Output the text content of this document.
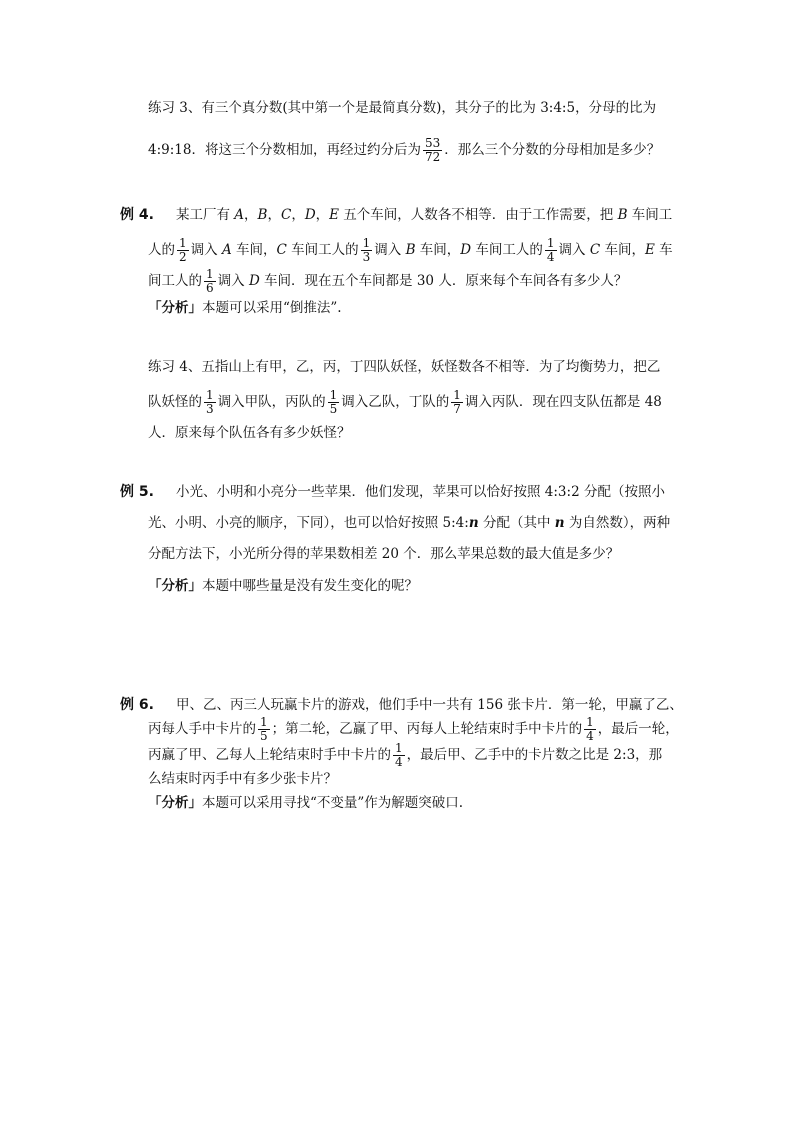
练习 3、有三个真分数(其中第一个是最简真分数)，其分子的比为 3:4:5，分母的比为
4:9:18．将这三个分数相加，再经过约分后为 $\frac{53}{72}$ ．那么三个分数的分母相加是多少？
例 4. 某工厂有 A，B，C，D，E 五个车间，人数各不相等．由于工作需要，把 B 车间工
人的 $\frac{1}{2}$ 调入 A 车间，C 车间工人的 $\frac{1}{3}$ 调入 B 车间，D 车间工人的 $\frac{1}{4}$ 调入 C 车间，E 车
间工人的 $\frac{1}{6}$ 调入 D 车间．现在五个车间都是 30 人．原来每个车间各有多少人？
「分析」本题可以采用“倒推法”.
练习 4、五指山上有甲，乙，丙，丁四队妖怪，妖怪数各不相等．为了均衡势力，把乙
队妖怪的 $\frac{1}{3}$ 调入甲队，丙队的 $\frac{1}{5}$ 调入乙队，丁队的 $\frac{1}{7}$ 调入丙队．现在四支队伍都是 48
人．原来每个队伍各有多少妖怪？
例 5. 小光、小明和小亮分一些苹果．他们发现，苹果可以恰好按照 4:3:2 分配（按照小
光、小明、小亮的顺序，下同），也可以恰好按照 5:4:n 分配（其中 n 为自然数），两种
分配方法下，小光所分得的苹果数相差 20 个．那么苹果总数的最大值是多少？
「分析」本题中哪些量是没有发生变化的呢？
例 6. 甲、乙、丙三人玩赢卡片的游戏，他们手中一共有 156 张卡片．第一轮，甲赢了乙、
丙每人手中卡片的 $\frac{1}{5}$ ；第二轮，乙赢了甲、丙每人上轮结束时手中卡片的 $\frac{1}{4}$ ，最后一轮，
丙赢了甲、乙每人上轮结束时手中卡片的 $\frac{1}{4}$ ，最后甲、乙手中的卡片数之比是 2:3，那
么结束时丙手中有多少张卡片？
「分析」本题可以采用寻找“不变量”作为解题突破口.
